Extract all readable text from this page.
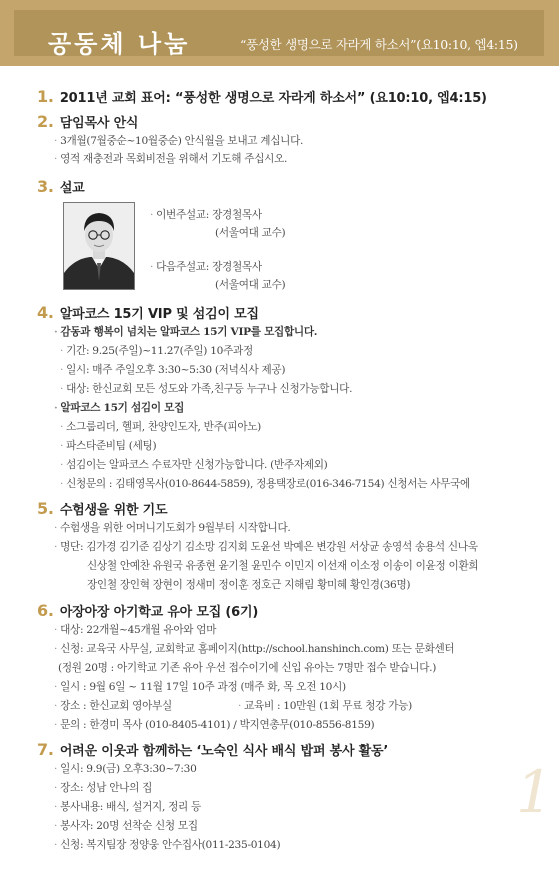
공동체 나눔	“풍성한 생명으로 자라게 하소서”(요10:10, 엡4:15)
1. 2011년 교회 표어: “풍성한 생명으로 자라게 하소서” (요10:10, 엡4:15)
2. 담임목사 안식
· 3개월(7월중순~10월중순) 안식월을 보내고 계십니다.
· 영적 재충전과 목회비전을 위해서 기도해 주십시오.
3. 설교
· 이번주설교: 장경철목사
(서울여대 교수)
· 다음주설교: 장경철목사
(서울여대 교수)
4. 알파코스 15기 VIP 및 섬김이 모집
· 감동과 행복이 넘치는 알파코스 15기 VIP를 모집합니다.
· 기간: 9.25(주일)~11.27(주일) 10주과정
· 일시: 매주 주일오후 3:30~5:30 (저녁식사 제공)
· 대상: 한신교회 모든 성도와 가족,친구등 누구나 신청가능합니다.
· 알파코스 15기 섬김이 모집
· 소그룹리더, 헬퍼, 찬양인도자, 반주(피아노)
· 파스타준비팀 (세팅)
· 섬김이는 알파코스 수료자만 신청가능합니다. (반주자제외)
· 신청문의 : 김태영목사(010-8644-5859), 정용택장로(016-346-7154) 신청서는 사무국에
5. 수험생을 위한 기도
· 수험생을 위한 어머니기도회가 9월부터 시작합니다.
· 명단: 김가경 김기준 김상기 김소망 김지회 도윤선 박예은 변강원 서상균 송영석 송용석 신나욱
신상철 안예찬 유원국 유종현 윤기철 윤민수 이민지 이선재 이소정 이송이 이윤정 이환희
장인철 장인혁 장현이 정새미 정이훈 정호근 지해림 황미혜 황인경(36명)
6. 아장아장 아기학교 유아 모집 (6기)
· 대상: 22개월~45개월 유아와 엄마
· 신청: 교육국 사무실, 교회학교 홈페이지(http://school.hanshinch.com) 또는 문화센터
(정원 20명 : 아기학교 기존 유아 우선 접수이기에 신입 유아는 7명만 접수 받습니다.)
· 일시 : 9월 6일 ~ 11월 17일 10주 과정 (매주 화, 목 오전 10시)
· 장소 : 한신교회 영아부실	· 교육비 : 10만원 (1회 무료 청강 가능)
· 문의 : 한경미 목사 (010-8405-4101) / 박지연총무(010-8556-8159)
7. 어려운 이웃과 함께하는 ‘노숙인 식사 배식 밥퍼 봉사 활동’
· 일시: 9.9(금) 오후3:30~7:30
· 장소: 성남 안나의 집
· 봉사내용: 배식, 설거지, 정리 등
· 봉사자: 20명 선착순 신청 모집
· 신청: 복지팀장 정양웅 안수집사(011-235-0104)
1
